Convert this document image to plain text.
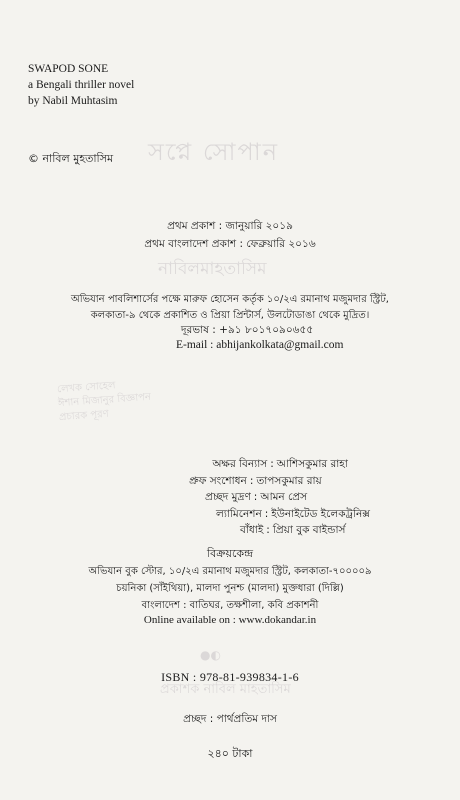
সপ্নে সোপান
নাবিলমাহতাসিম
লেখক সোহেল
ঈশান মিজানুর বিজ্ঞাপন
প্রচারক পূরণ
●◐
প্রকাশক নাবিল মাহতাসিম
SWAPOD SONE
a Bengali thriller novel
by Nabil Muhtasim
© নাবিল মুহতাসিম
প্রথম প্রকাশ : জানুয়ারি ২০১৯
প্রথম বাংলাদেশ প্রকাশ : ফেব্রুয়ারি ২০১৬
অভিযান পাবলিশার্সের পক্ষে মারুফ হোসেন কর্তৃক ১০/২এ রমানাথ মজুমদার স্ট্রিট,
কলকাতা-৯ থেকে প্রকাশিত ও প্রিয়া প্রিন্টার্স, উলটোডাঙা থেকে মুদ্রিত।
দূরভাষ : +৯১ ৮০১৭০৯০৬৫৫
E-mail : abhijankolkata@gmail.com
অক্ষর বিন্যাস : আশিসকুমার রাহা
প্রুফ সংশোধন : তাপসকুমার রায়
প্রচ্ছদ মুদ্রণ : আমন প্রেস
ল্যামিনেশন : ইউনাইটেড ইলেকট্রনিক্স
বাঁধাই : প্রিয়া বুক বাইন্ডার্স
বিক্রয়কেন্দ্র
অভিযান বুক স্টোর, ১০/২এ রমানাথ মজুমদার স্ট্রিট, কলকাতা-৭০০০০৯
চয়নিকা (সাঁইথিয়া), মালদা পুনশ্চ (মালদা) মুক্তধারা (দিল্লি)
বাংলাদেশ : বাতিঘর, তক্ষশীলা, কবি প্রকাশনী
Online available on : www.dokandar.in
ISBN : 978-81-939834-1-6
প্রচ্ছদ : পার্থপ্রতিম দাস
২৪০ টাকা
